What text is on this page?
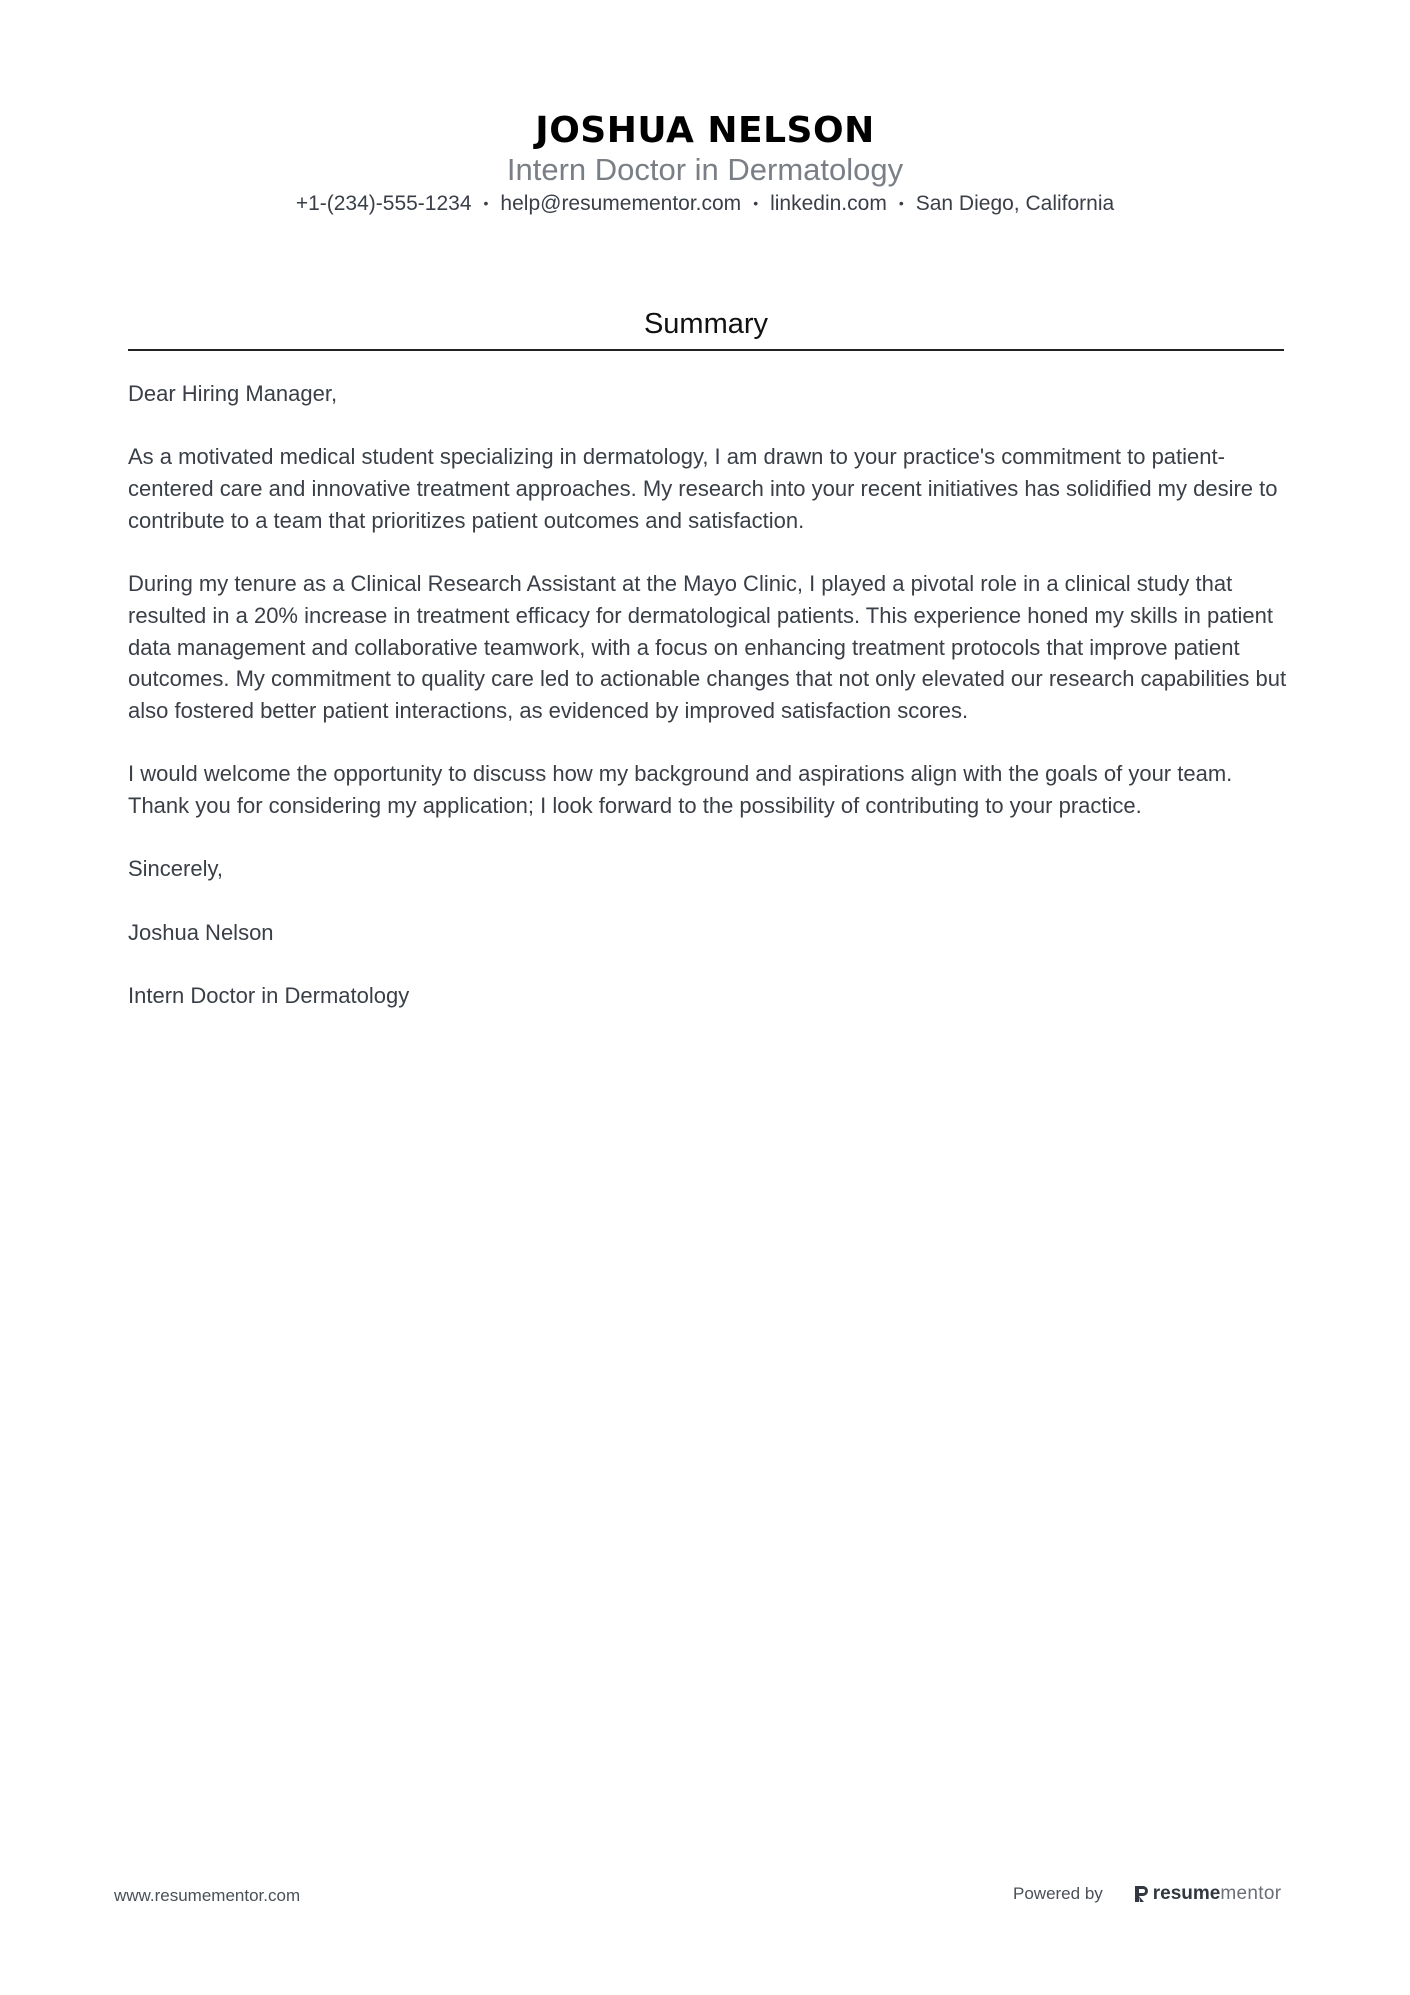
JOSHUA NELSON
Intern Doctor in Dermatology
+1-(234)-555-1234 • help@resumementor.com • linkedin.com • San Diego, California
Summary

Dear Hiring Manager,

As a motivated medical student specializing in dermatology, I am drawn to your practice's commitment to patient-centered care and innovative treatment approaches. My research into your recent initiatives has solidified my desire to contribute to a team that prioritizes patient outcomes and satisfaction.

During my tenure as a Clinical Research Assistant at the Mayo Clinic, I played a pivotal role in a clinical study that resulted in a 20% increase in treatment efficacy for dermatological patients. This experience honed my skills in patient data management and collaborative teamwork, with a focus on enhancing treatment protocols that improve patient outcomes. My commitment to quality care led to actionable changes that not only elevated our research capabilities but also fostered better patient interactions, as evidenced by improved satisfaction scores.

I would welcome the opportunity to discuss how my background and aspirations align with the goals of your team. Thank you for considering my application; I look forward to the possibility of contributing to your practice.

Sincerely,

Joshua Nelson

Intern Doctor in Dermatology

www.resumementor.com	Powered by	resume mentor
